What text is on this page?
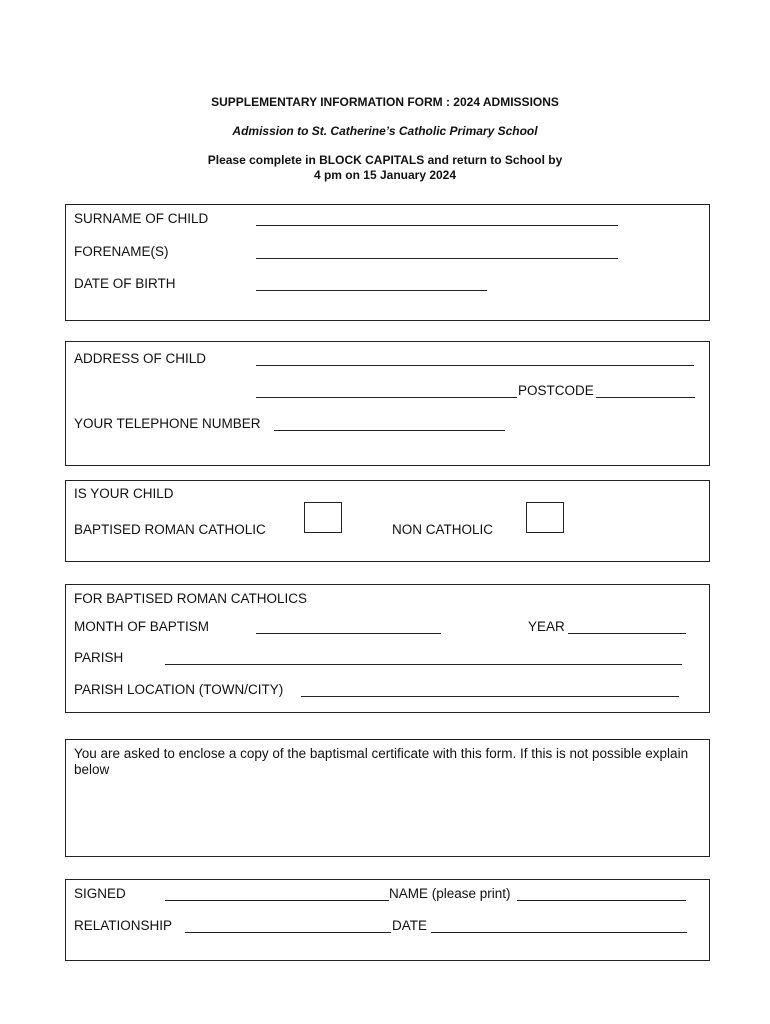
SUPPLEMENTARY INFORMATION FORM : 2024 ADMISSIONS
Admission to St. Catherine’s Catholic Primary School
Please complete in BLOCK CAPITALS and return to School by
4 pm on 15 January 2024
SURNAME OF CHILD
FORENAME(S)
DATE OF BIRTH
ADDRESS OF CHILD
POSTCODE
YOUR TELEPHONE NUMBER
IS YOUR CHILD
BAPTISED ROMAN CATHOLIC	NON CATHOLIC
FOR BAPTISED ROMAN CATHOLICS
MONTH OF BAPTISM	YEAR
PARISH
PARISH LOCATION (TOWN/CITY)
You are asked to enclose a copy of the baptismal certificate with this form. If this is not possible explain below
SIGNED	NAME (please print)
RELATIONSHIP	DATE
